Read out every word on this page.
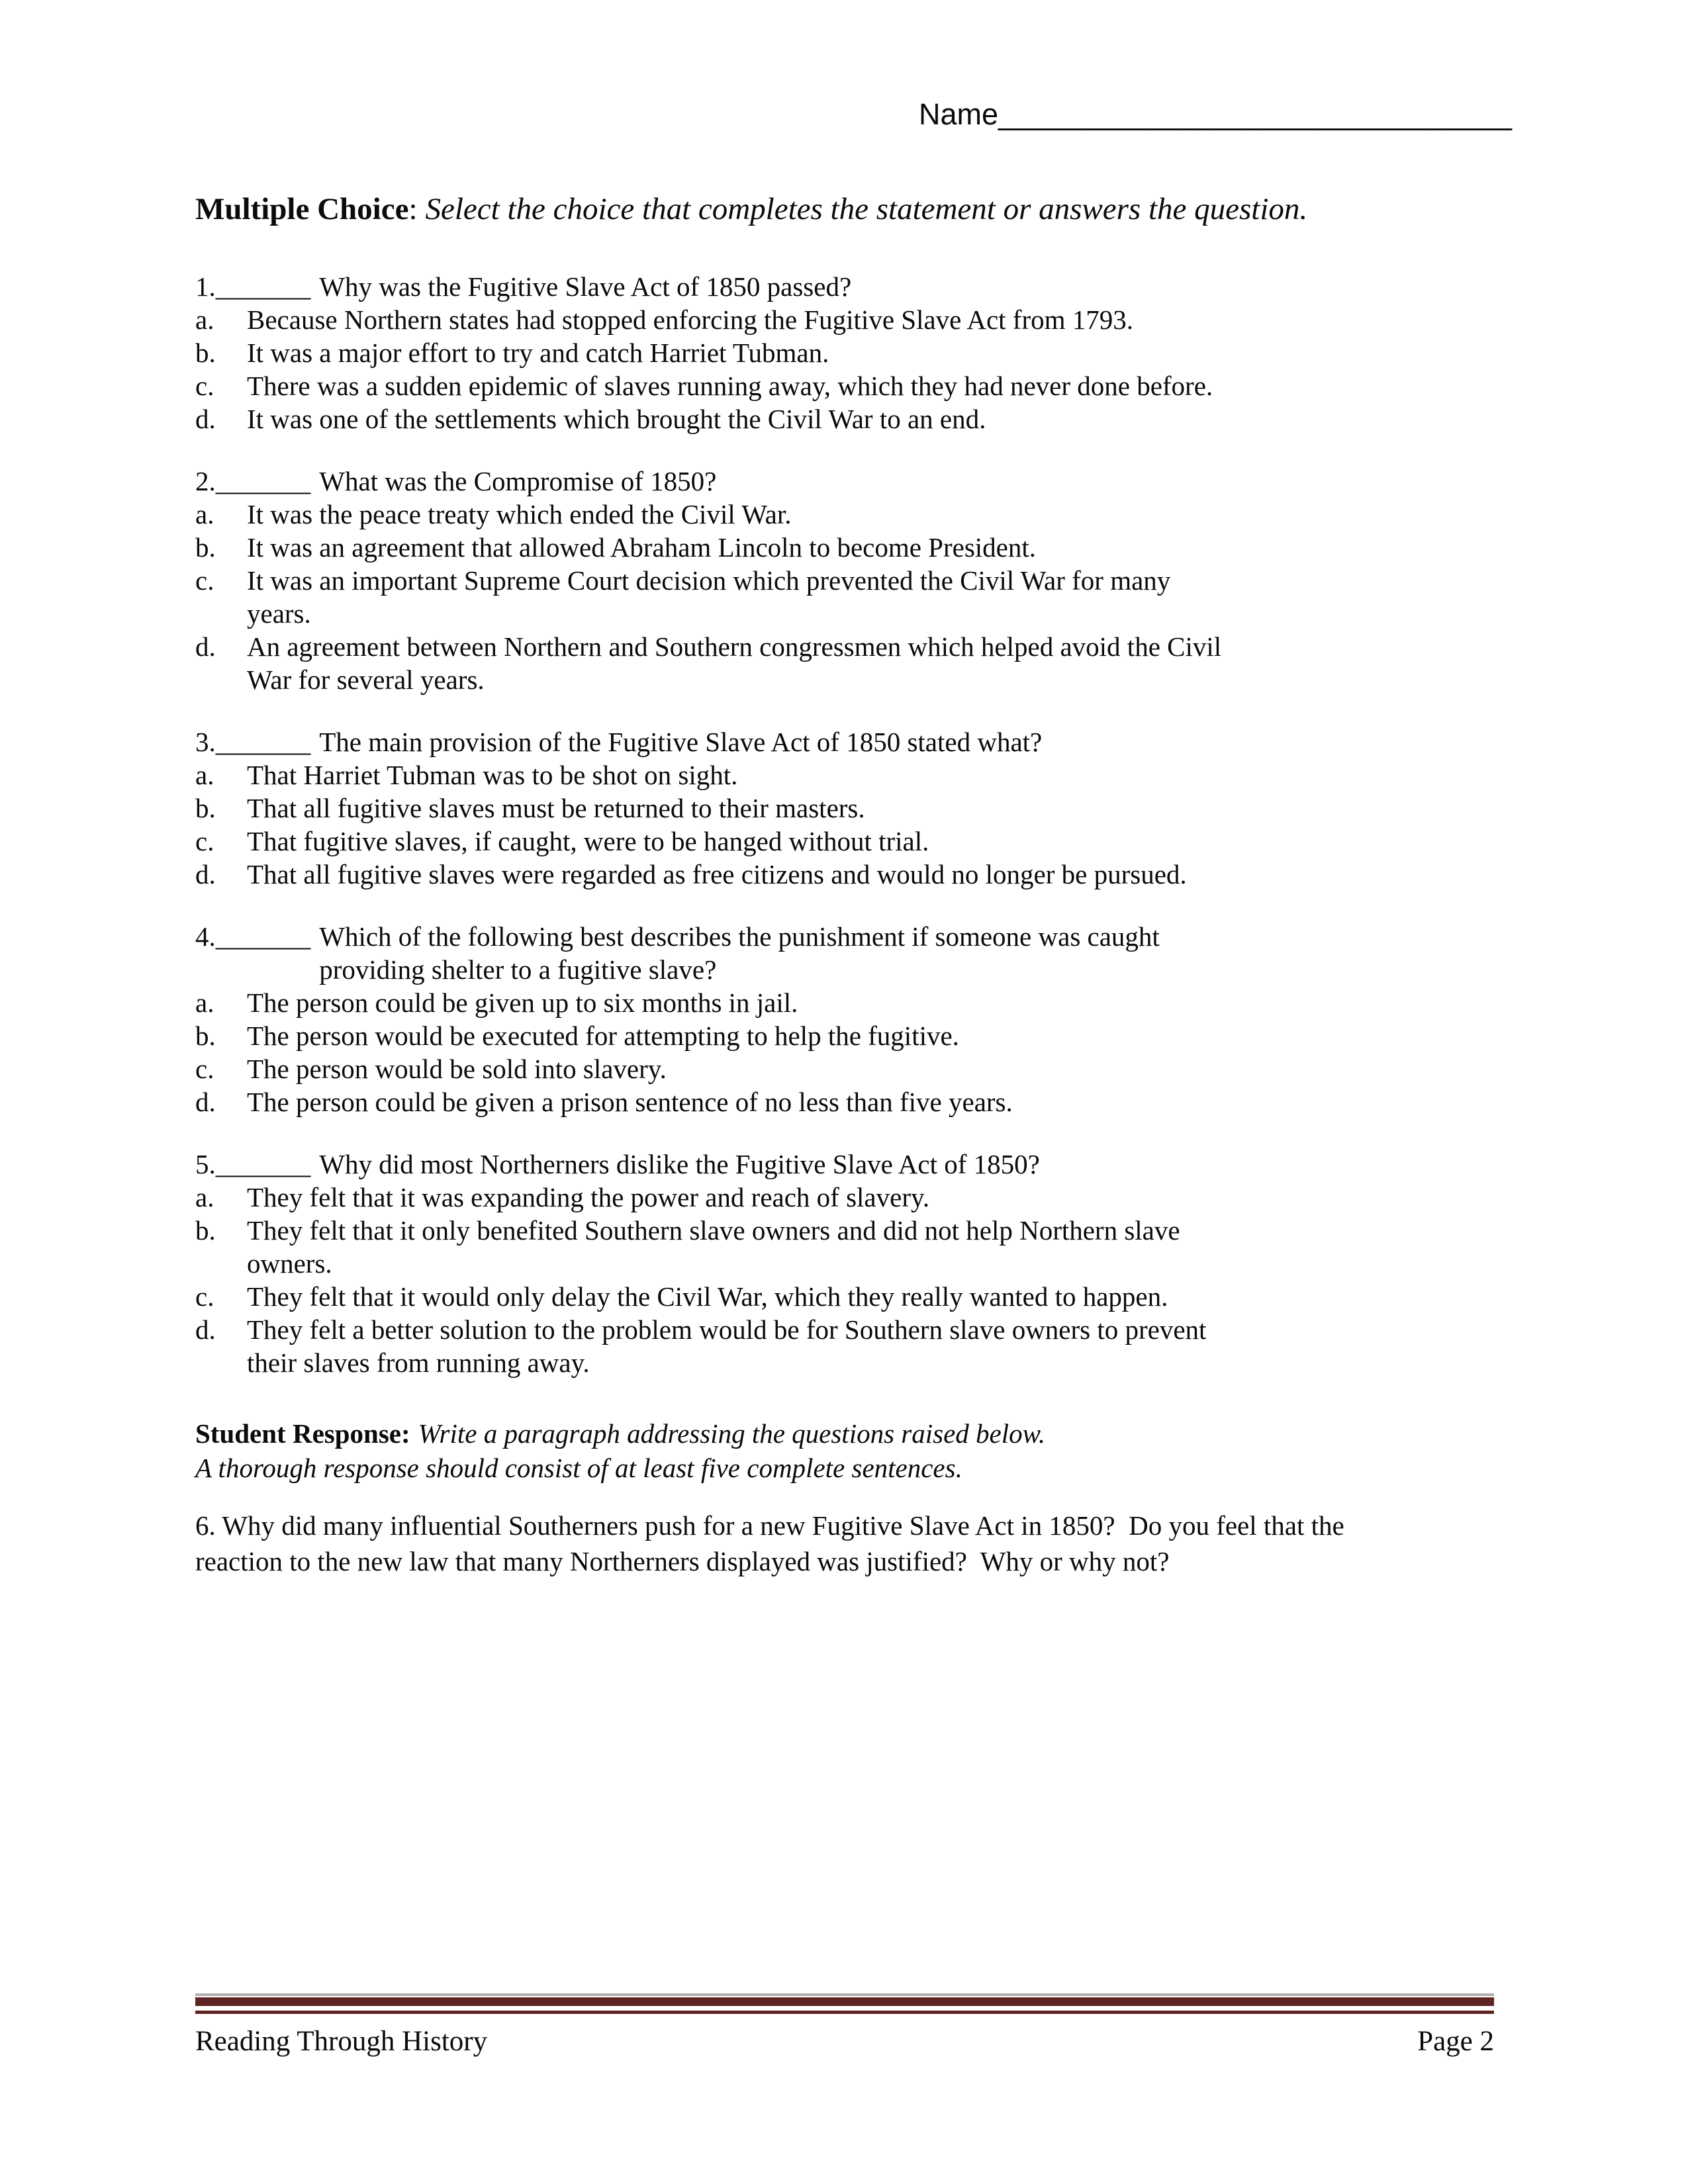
Name_______________________________
Multiple Choice: Select the choice that completes the statement or answers the question.
1._______ Why was the Fugitive Slave Act of 1850 passed?
a.	Because Northern states had stopped enforcing the Fugitive Slave Act from 1793.
b.	It was a major effort to try and catch Harriet Tubman.
c.	There was a sudden epidemic of slaves running away, which they had never done before.
d.	It was one of the settlements which brought the Civil War to an end.
2._______ What was the Compromise of 1850?
a.	It was the peace treaty which ended the Civil War.
b.	It was an agreement that allowed Abraham Lincoln to become President.
c.	It was an important Supreme Court decision which prevented the Civil War for many
years.
d.	An agreement between Northern and Southern congressmen which helped avoid the Civil
War for several years.
3._______ The main provision of the Fugitive Slave Act of 1850 stated what?
a.	That Harriet Tubman was to be shot on sight.
b.	That all fugitive slaves must be returned to their masters.
c.	That fugitive slaves, if caught, were to be hanged without trial.
d.	That all fugitive slaves were regarded as free citizens and would no longer be pursued.
4._______ Which of the following best describes the punishment if someone was caught
providing shelter to a fugitive slave?
a.	The person could be given up to six months in jail.
b.	The person would be executed for attempting to help the fugitive.
c.	The person would be sold into slavery.
d.	The person could be given a prison sentence of no less than five years.
5._______ Why did most Northerners dislike the Fugitive Slave Act of 1850?
a.	They felt that it was expanding the power and reach of slavery.
b.	They felt that it only benefited Southern slave owners and did not help Northern slave
owners.
c.	They felt that it would only delay the Civil War, which they really wanted to happen.
d.	They felt a better solution to the problem would be for Southern slave owners to prevent
their slaves from running away.
Student Response: Write a paragraph addressing the questions raised below.
A thorough response should consist of at least five complete sentences.
6. Why did many influential Southerners push for a new Fugitive Slave Act in 1850?  Do you feel that the
reaction to the new law that many Northerners displayed was justified?  Why or why not?
Reading Through History	Page 2
